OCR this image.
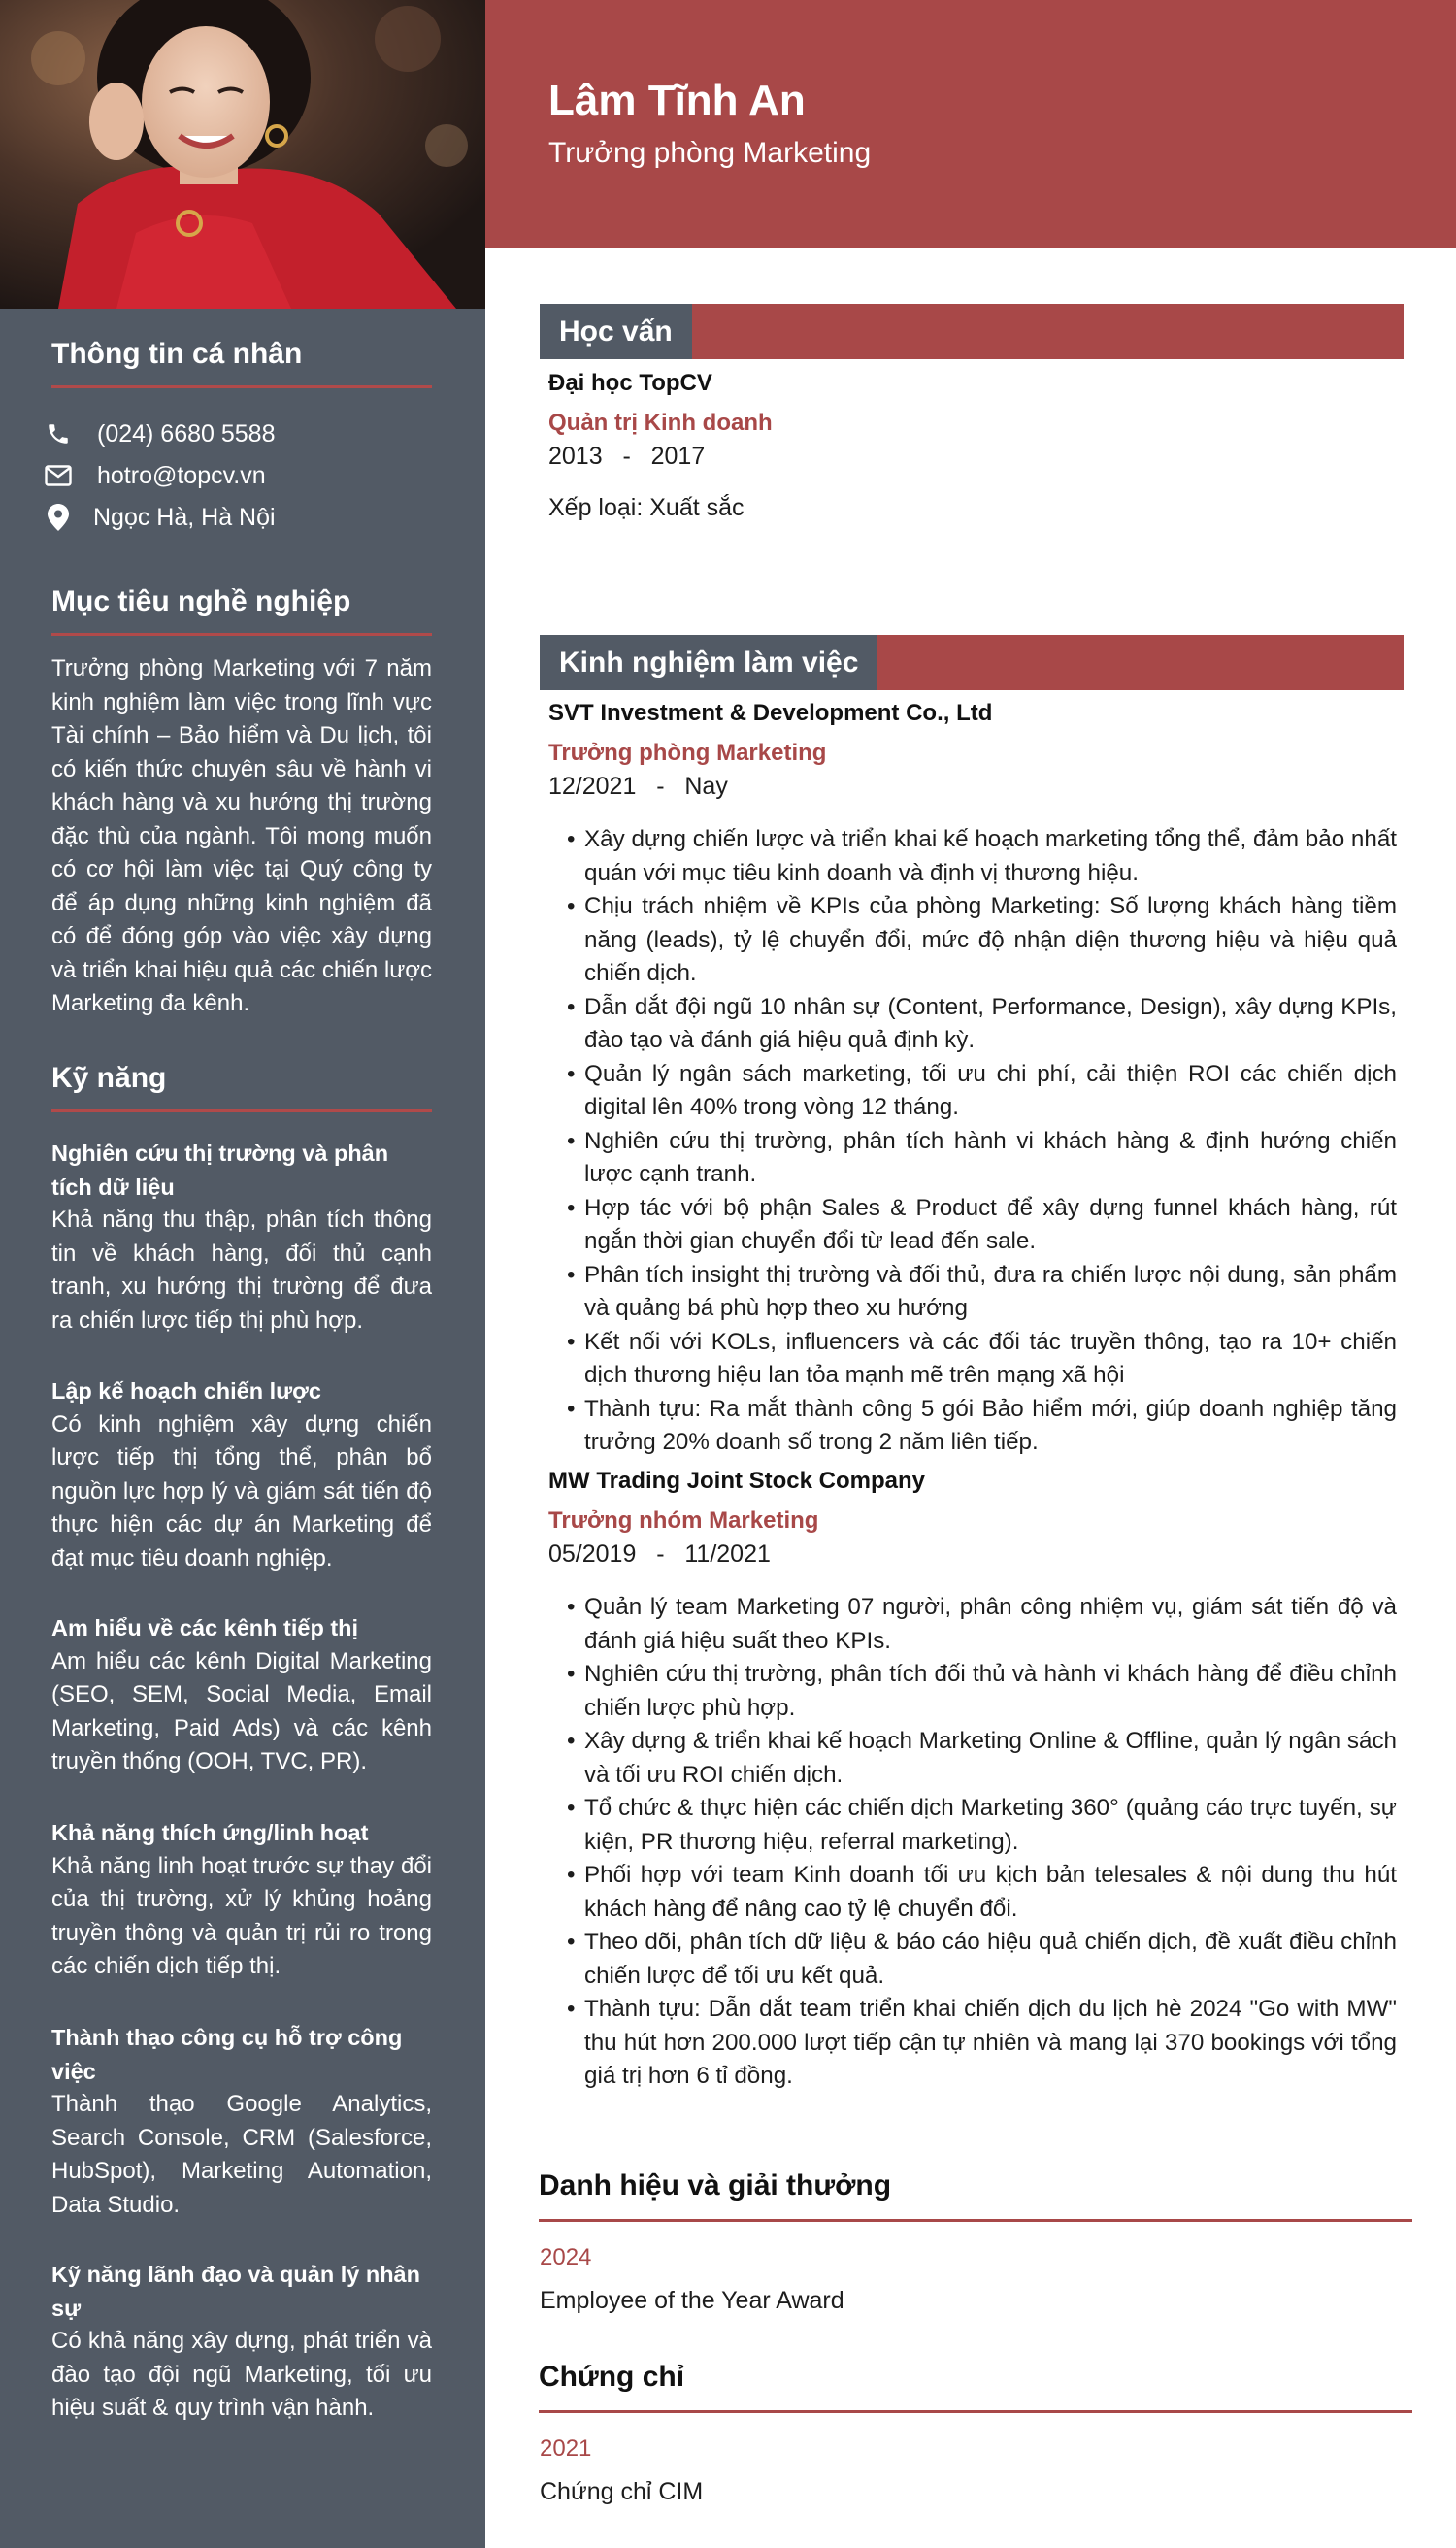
Thông tin cá nhân
(024) 6680 5588
hotro@topcv.vn
Ngọc Hà, Hà Nội
Mục tiêu nghề nghiệp
Trưởng phòng Marketing với 7 năm kinh nghiệm làm việc trong lĩnh vực Tài chính – Bảo hiểm và Du lịch, tôi có kiến thức chuyên sâu về hành vi khách hàng và xu hướng thị trường đặc thù của ngành. Tôi mong muốn có cơ hội làm việc tại Quý công ty để áp dụng những kinh nghiệm đã có để đóng góp vào việc xây dựng và triển khai hiệu quả các chiến lược Marketing đa kênh.
Kỹ năng
Nghiên cứu thị trường và phân tích dữ liệu
Khả năng thu thập, phân tích thông tin về khách hàng, đối thủ cạnh tranh, xu hướng thị trường để đưa ra chiến lược tiếp thị phù hợp.
Lập kế hoạch chiến lược
Có kinh nghiệm xây dựng chiến lược tiếp thị tổng thể, phân bổ nguồn lực hợp lý và giám sát tiến độ thực hiện các dự án Marketing để đạt mục tiêu doanh nghiệp.
Am hiểu về các kênh tiếp thị
Am hiểu các kênh Digital Marketing (SEO, SEM, Social Media, Email Marketing, Paid Ads) và các kênh truyền thống (OOH, TVC, PR).
Khả năng thích ứng/linh hoạt
Khả năng linh hoạt trước sự thay đổi của thị trường, xử lý khủng hoảng truyền thông và quản trị rủi ro trong các chiến dịch tiếp thị.
Thành thạo công cụ hỗ trợ công việc
Thành thạo Google Analytics, Search Console, CRM (Salesforce, HubSpot), Marketing Automation, Data Studio.
Kỹ năng lãnh đạo và quản lý nhân sự
Có khả năng xây dựng, phát triển và đào tạo đội ngũ Marketing, tối ưu hiệu suất & quy trình vận hành.
Lâm Tĩnh An
Trưởng phòng Marketing
Học vấn
Đại học TopCV
Quản trị Kinh doanh
2013   -   2017
Xếp loại: Xuất sắc
Kinh nghiệm làm việc
SVT Investment & Development Co., Ltd
Trưởng phòng Marketing
12/2021   -   Nay
• Xây dựng chiến lược và triển khai kế hoạch marketing tổng thể, đảm bảo nhất quán với mục tiêu kinh doanh và định vị thương hiệu.
• Chịu trách nhiệm về KPIs của phòng Marketing: Số lượng khách hàng tiềm năng (leads), tỷ lệ chuyển đổi, mức độ nhận diện thương hiệu và hiệu quả chiến dịch.
• Dẫn dắt đội ngũ 10 nhân sự (Content, Performance, Design), xây dựng KPIs, đào tạo và đánh giá hiệu quả định kỳ.
• Quản lý ngân sách marketing, tối ưu chi phí, cải thiện ROI các chiến dịch digital lên 40% trong vòng 12 tháng.
• Nghiên cứu thị trường, phân tích hành vi khách hàng & định hướng chiến lược cạnh tranh.
• Hợp tác với bộ phận Sales & Product để xây dựng funnel khách hàng, rút ngắn thời gian chuyển đổi từ lead đến sale.
• Phân tích insight thị trường và đối thủ, đưa ra chiến lược nội dung, sản phẩm và quảng bá phù hợp theo xu hướng
• Kết nối với KOLs, influencers và các đối tác truyền thông, tạo ra 10+ chiến dịch thương hiệu lan tỏa mạnh mẽ trên mạng xã hội
• Thành tựu: Ra mắt thành công 5 gói Bảo hiểm mới, giúp doanh nghiệp tăng trưởng 20% doanh số trong 2 năm liên tiếp.
MW Trading Joint Stock Company
Trưởng nhóm Marketing
05/2019   -   11/2021
• Quản lý team Marketing 07 người, phân công nhiệm vụ, giám sát tiến độ và đánh giá hiệu suất theo KPIs.
• Nghiên cứu thị trường, phân tích đối thủ và hành vi khách hàng để điều chỉnh chiến lược phù hợp.
• Xây dựng & triển khai kế hoạch Marketing Online & Offline, quản lý ngân sách và tối ưu ROI chiến dịch.
• Tổ chức & thực hiện các chiến dịch Marketing 360° (quảng cáo trực tuyến, sự kiện, PR thương hiệu, referral marketing).
• Phối hợp với team Kinh doanh tối ưu kịch bản telesales & nội dung thu hút khách hàng để nâng cao tỷ lệ chuyển đổi.
• Theo dõi, phân tích dữ liệu & báo cáo hiệu quả chiến dịch, đề xuất điều chỉnh chiến lược để tối ưu kết quả.
• Thành tựu: Dẫn dắt team triển khai chiến dịch du lịch hè 2024 "Go with MW" thu hút hơn 200.000 lượt tiếp cận tự nhiên và mang lại 370 bookings với tổng giá trị hơn 6 tỉ đồng.
Danh hiệu và giải thưởng
2024
Employee of the Year Award
Chứng chỉ
2021
Chứng chỉ CIM
